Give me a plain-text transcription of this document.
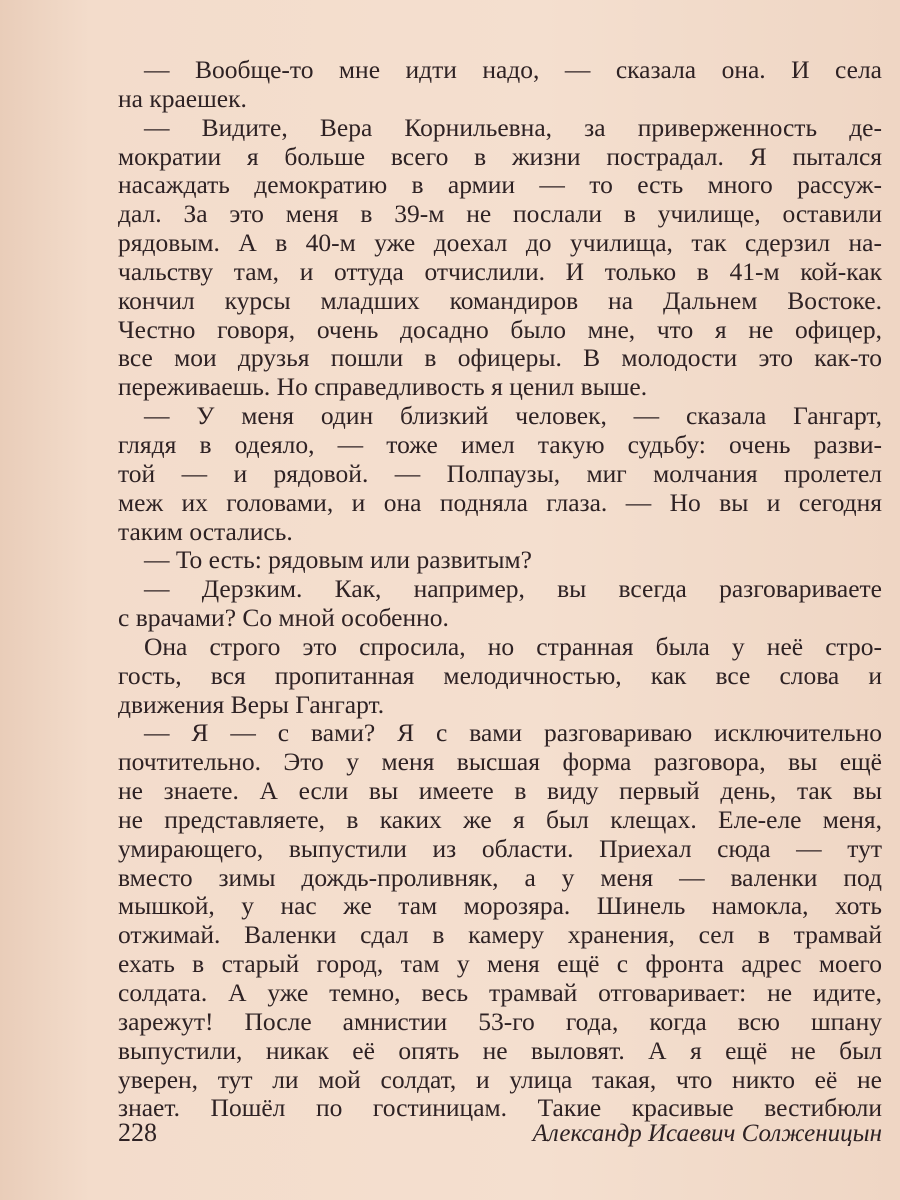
— Вообще-то мне идти надо, — сказала она. И села
на краешек.
— Видите, Вера Корнильевна, за приверженность де-
мократии я больше всего в жизни пострадал. Я пытался
насаждать демократию в армии — то есть много рассуж-
дал. За это меня в 39-м не послали в училище, оставили
рядовым. А в 40-м уже доехал до училища, так сдерзил на-
чальству там, и оттуда отчислили. И только в 41-м кой-как
кончил курсы младших командиров на Дальнем Востоке.
Честно говоря, очень досадно было мне, что я не офицер,
все мои друзья пошли в офицеры. В молодости это как-то
переживаешь. Но справедливость я ценил выше.
— У меня один близкий человек, — сказала Гангарт,
глядя в одеяло, — тоже имел такую судьбу: очень разви-
той — и рядовой. — Полпаузы, миг молчания пролетел
меж их головами, и она подняла глаза. — Но вы и сегодня
таким остались.
— То есть: рядовым или развитым?
— Дерзким. Как, например, вы всегда разговариваете
с врачами? Со мной особенно.
Она строго это спросила, но странная была у неё стро-
гость, вся пропитанная мелодичностью, как все слова и
движения Веры Гангарт.
— Я — с вами? Я с вами разговариваю исключительно
почтительно. Это у меня высшая форма разговора, вы ещё
не знаете. А если вы имеете в виду первый день, так вы
не представляете, в каких же я был клещах. Еле-еле меня,
умирающего, выпустили из области. Приехал сюда — тут
вместо зимы дождь-проливняк, а у меня — валенки под
мышкой, у нас же там морозяра. Шинель намокла, хоть
отжимай. Валенки сдал в камеру хранения, сел в трамвай
ехать в старый город, там у меня ещё с фронта адрес моего
солдата. А уже темно, весь трамвай отговаривает: не идите,
зарежут! После амнистии 53-го года, когда всю шпану
выпустили, никак её опять не выловят. А я ещё не был
уверен, тут ли мой солдат, и улица такая, что никто её не
знает. Пошёл по гостиницам. Такие красивые вестибюли
228	Александр Исаевич Солженицын
